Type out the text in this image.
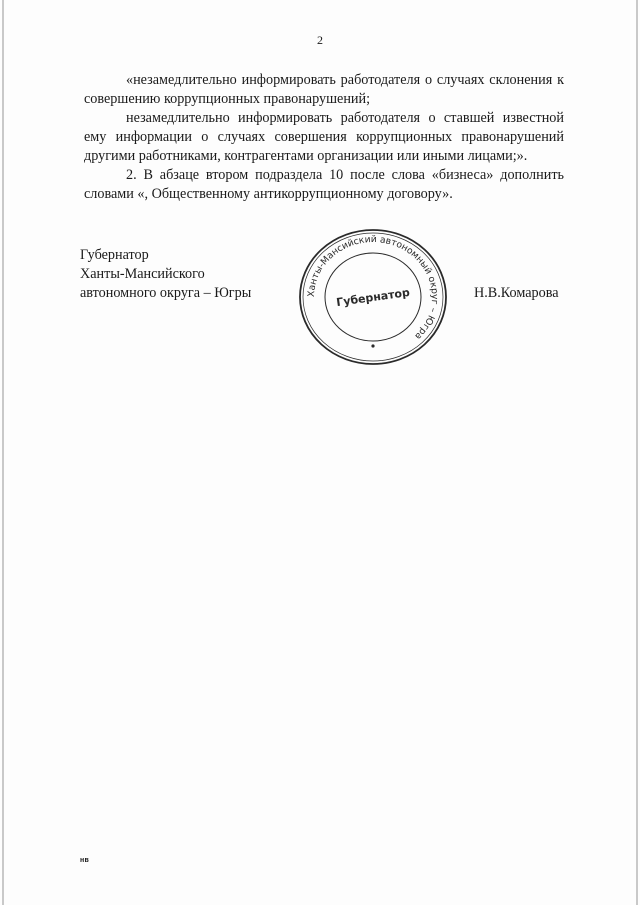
2

«незамедлительно информировать работодателя о случаях склонения к совершению коррупционных правонарушений;

незамедлительно информировать работодателя о ставшей известной ему информации о случаях совершения коррупционных правонарушений другими работниками, контрагентами организации или иными лицами;».

2. В абзаце втором подраздела 10 после слова «бизнеса» дополнить словами «, Общественному антикоррупционному договору».

Губернатор
Ханты-Мансийского
автономного округа – Югры	Ханты-Мансийский автономный округ – Югра
Губернатор	Н.В.Комарова
нв
